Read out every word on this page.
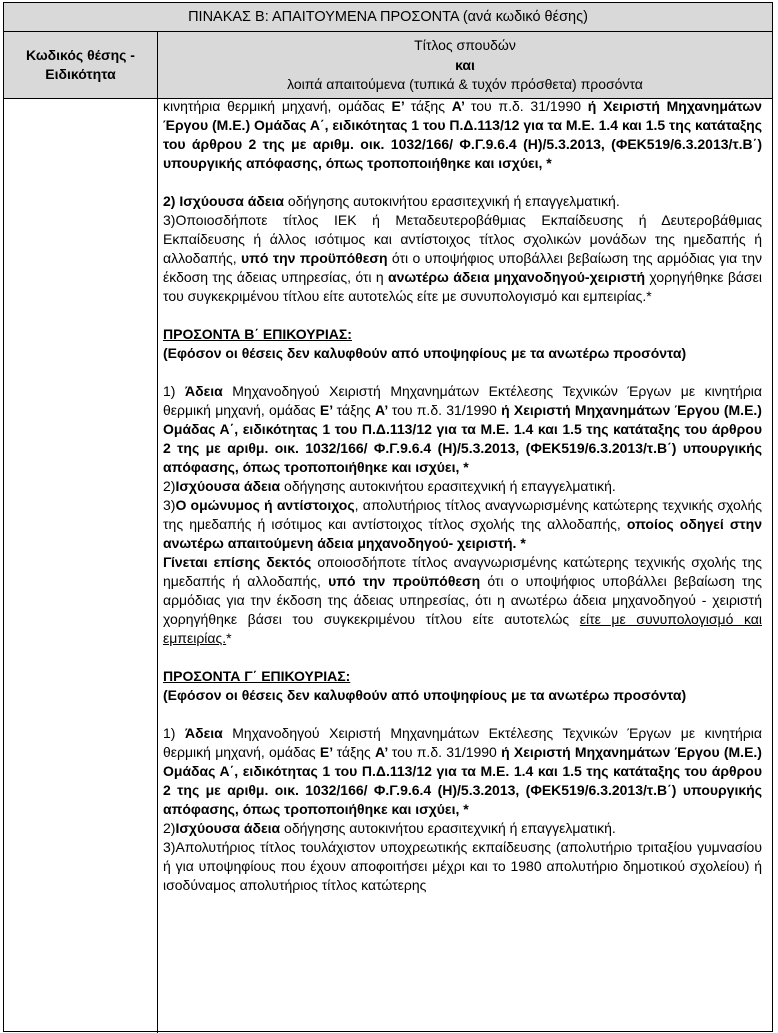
ΠΙΝΑΚΑΣ Β: ΑΠΑΙΤΟΥΜΕΝΑ ΠΡΟΣΟΝΤΑ (ανά κωδικό θέσης)
Κωδικός θέσης - Ειδικότητα
Τίτλος σπουδών
και
λοιπά απαιτούμενα (τυπικά & τυχόν πρόσθετα) προσόντα

κινητήρια θερμική μηχανή, ομάδας Ε’ τάξης Α’ του π.δ. 31/1990 ή Χειριστή Μηχανημάτων Έργου (Μ.Ε.) Ομάδας Α΄, ειδικότητας 1 του Π.Δ.113/12 για τα Μ.Ε. 1.4 και 1.5 της κατάταξης του άρθρου 2 της με αριθμ. οικ. 1032/166/ Φ.Γ.9.6.4 (Η)/5.3.2013, (ΦΕΚ519/6.3.2013/τ.Β΄) υπουργικής απόφασης, όπως τροποποιήθηκε και ισχύει, *

2) Ισχύουσα άδεια οδήγησης αυτοκινήτου ερασιτεχνική ή επαγγελματική.

3)Οποιοσδήποτε τίτλος ΙΕΚ ή Μεταδευτεροβάθμιας Εκπαίδευσης ή Δευτεροβάθμιας Εκπαίδευσης ή άλλος ισότιμος και αντίστοιχος τίτλος σχολικών μονάδων της ημεδαπής ή αλλοδαπής, υπό την προϋπόθεση ότι ο υποψήφιος υποβάλλει βεβαίωση της αρμόδιας για την έκδοση της άδειας υπηρεσίας, ότι η ανωτέρω άδεια μηχανοδηγού-χειριστή χορηγήθηκε βάσει του συγκεκριμένου τίτλου είτε αυτοτελώς είτε με συνυπολογισμό και εμπειρίας.*

ΠΡΟΣΟΝΤΑ Β΄ ΕΠΙΚΟΥΡΙΑΣ:

(Εφόσον οι θέσεις δεν καλυφθούν από υποψηφίους με τα ανωτέρω προσόντα)

1) Άδεια Μηχανοδηγού Χειριστή Μηχανημάτων Εκτέλεσης Τεχνικών Έργων με κινητήρια θερμική μηχανή, ομάδας Ε’ τάξης Α’ του π.δ. 31/1990 ή Χειριστή Μηχανημάτων Έργου (Μ.Ε.) Ομάδας Α΄, ειδικότητας 1 του Π.Δ.113/12 για τα Μ.Ε. 1.4 και 1.5 της κατάταξης του άρθρου 2 της με αριθμ. οικ. 1032/166/ Φ.Γ.9.6.4 (Η)/5.3.2013, (ΦΕΚ519/6.3.2013/τ.Β΄) υπουργικής απόφασης, όπως τροποποιήθηκε και ισχύει, *

2)Ισχύουσα άδεια οδήγησης αυτοκινήτου ερασιτεχνική ή επαγγελματική.

3)Ο ομώνυμος ή αντίστοιχος, απολυτήριος τίτλος αναγνωρισμένης κατώτερης τεχνικής σχολής της ημεδαπής ή ισότιμος και αντίστοιχος τίτλος σχολής της αλλοδαπής, οποίος οδηγεί στην ανωτέρω απαιτούμενη άδεια μηχανοδηγού- χειριστή. *

Γίνεται επίσης δεκτός οποιοσδήποτε τίτλος αναγνωρισμένης κατώτερης τεχνικής σχολής της ημεδαπής ή αλλοδαπής, υπό την προϋπόθεση ότι ο υποψήφιος υποβάλλει βεβαίωση της αρμόδιας για την έκδοση της άδειας υπηρεσίας, ότι η ανωτέρω άδεια μηχανοδηγού - χειριστή χορηγήθηκε βάσει του συγκεκριμένου τίτλου είτε αυτοτελώς είτε με συνυπολογισμό και εμπειρίας.*

ΠΡΟΣΟΝΤΑ Γ΄ ΕΠΙΚΟΥΡΙΑΣ:

(Εφόσον οι θέσεις δεν καλυφθούν από υποψηφίους με τα ανωτέρω προσόντα)

1) Άδεια Μηχανοδηγού Χειριστή Μηχανημάτων Εκτέλεσης Τεχνικών Έργων με κινητήρια θερμική μηχανή, ομάδας Ε’ τάξης Α’ του π.δ. 31/1990 ή Χειριστή Μηχανημάτων Έργου (Μ.Ε.) Ομάδας Α΄, ειδικότητας 1 του Π.Δ.113/12 για τα Μ.Ε. 1.4 και 1.5 της κατάταξης του άρθρου 2 της με αριθμ. οικ. 1032/166/ Φ.Γ.9.6.4 (Η)/5.3.2013, (ΦΕΚ519/6.3.2013/τ.Β΄) υπουργικής απόφασης, όπως τροποποιήθηκε και ισχύει, *

2)Ισχύουσα άδεια οδήγησης αυτοκινήτου ερασιτεχνική ή επαγγελματική.

3)Απολυτήριος τίτλος τουλάχιστον υποχρεωτικής εκπαίδευσης (απολυτήριο τριταξίου γυμνασίου ή για υποψηφίους που έχουν αποφοιτήσει μέχρι και το 1980 απολυτήριο δημοτικού σχολείου) ή ισοδύναμος απολυτήριος τίτλος κατώτερης
